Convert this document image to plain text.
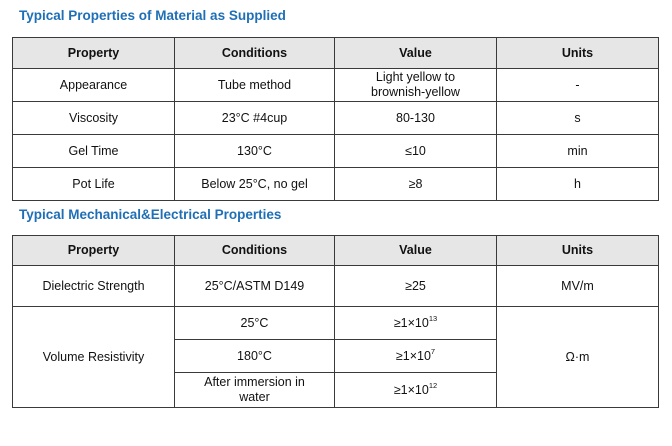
Typical Properties of Material as Supplied
Property	Conditions	Value	Units
Appearance	Tube method	Light yellow to brownish-yellow	-
Viscosity	23°C #4cup	80-130	s
Gel Time	130°C	≤10	min
Pot Life	Below 25°C, no gel	≥8	h
Typical Mechanical&Electrical Properties
Property	Conditions	Value	Units
Dielectric Strength	25°C/ASTM D149	≥25	MV/m
Volume Resistivity	25°C	$\ge 1\times 10^{13}$	Ω·m
	180°C	$\ge 1\times 10^7$
	After immersion in water	$\ge 1\times 10^{12}$
